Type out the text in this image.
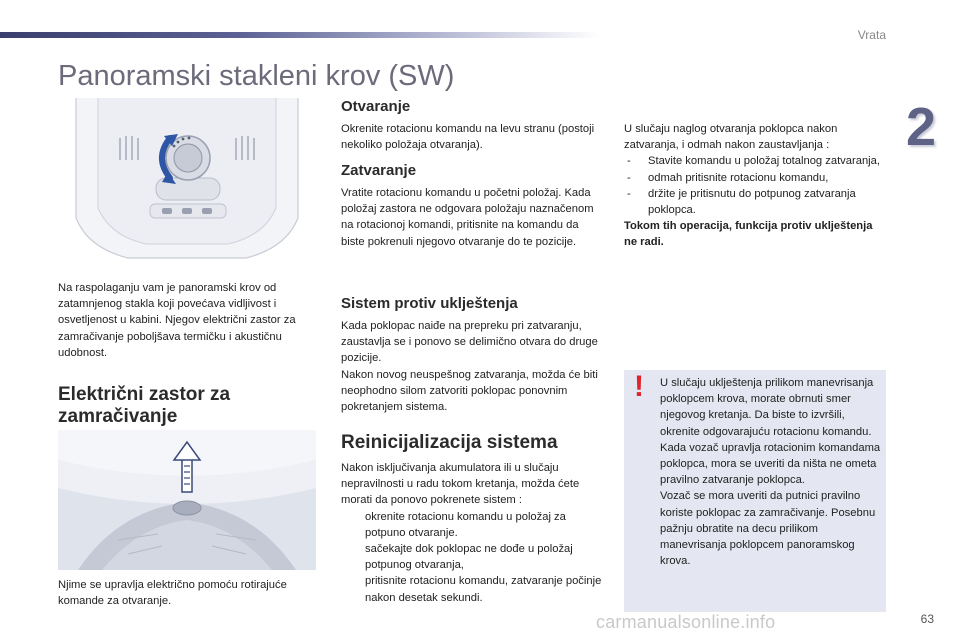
Vrata
2
Panoramski stakleni krov (SW)
Na raspolaganju vam je panoramski krov od zatamnjenog stakla koji povećava vidljivost i osvetljenost u kabini. Njegov električni zastor za zamračivanje poboljšava termičku i akustičnu udobnost.
Električni zastor za zamračivanje
Njime se upravlja električno pomoću rotirajuće komande za otvaranje.
Otvaranje
Okrenite rotacionu komandu na levu stranu (postoji nekoliko položaja otvaranja).
Zatvaranje
Vratite rotacionu komandu u početni položaj. Kada položaj zastora ne odgovara položaju naznačenom na rotacionoj komandi, pritisnite na komandu da biste pokrenuli njegovo otvaranje do te pozicije.
Sistem protiv uklještenja

Kada poklopac naiđe na prepreku pri zatvaranju, zaustavlja se i ponovo se delimično otvara do druge pozicije.

Nakon novog neuspešnog zatvaranja, možda će biti neophodno silom zatvoriti poklopac ponovnim pokretanjem sistema.

Reinicijalizacija sistema

Nakon isključivanja akumulatora ili u slučaju nepravilnosti u radu tokom kretanja, možda ćete morati da ponovo pokrenete sistem :

okrenite rotacionu komandu u položaj za potpuno otvaranje.
sačekajte dok poklopac ne dođe u položaj potpunog otvaranja,
pritisnite rotacionu komandu, zatvaranje počinje nakon desetak sekundi.

U slučaju naglog otvaranja poklopca nakon zatvaranja, i odmah nakon zaustavljanja :

- Stavite komandu u položaj totalnog zatvaranja,
- odmah pritisnite rotacionu komandu,
- držite je pritisnutu do potpunog zatvaranja poklopca.

Tokom tih operacija, funkcija protiv uklještenja ne radi.

! U slučaju uklještenja prilikom manevrisanja poklopcem krova, morate obrnuti smer njegovog kretanja. Da biste to izvršili, okrenite odgovarajuću rotacionu komandu.

Kada vozač upravlja rotacionim komandama poklopca, mora se uveriti da ništa ne ometa pravilno zatvaranje poklopca.

Vozač se mora uveriti da putnici pravilno koriste poklopac za zamračivanje. Posebnu pažnju obratite na decu prilikom manevrisanja poklopcem panoramskog krova.

carmanualsonline.info	63
